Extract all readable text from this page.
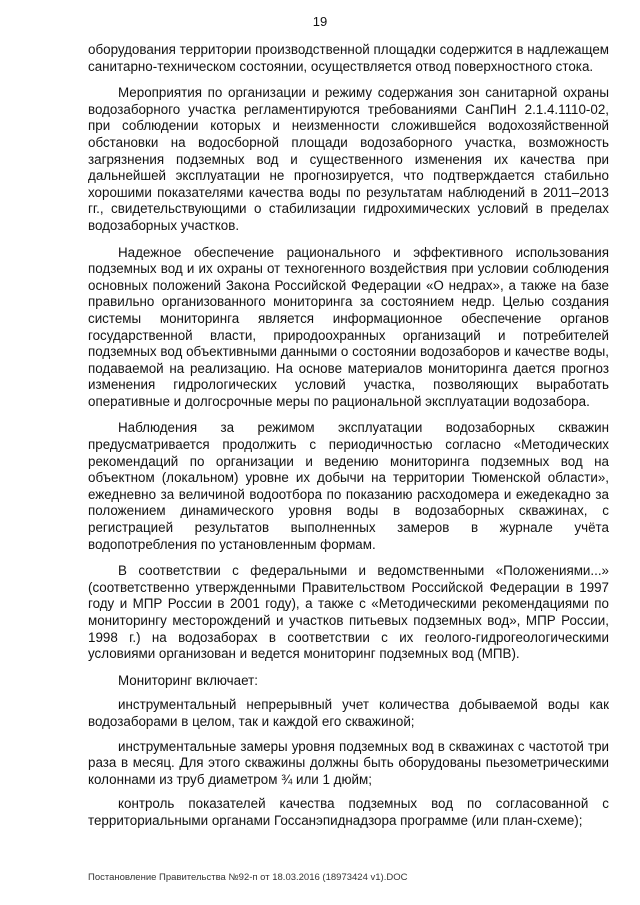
19

оборудования территории производственной площадки содержится в надлежащем санитарно-техническом состоянии, осуществляется отвод поверхностного стока.

Мероприятия по организации и режиму содержания зон санитарной охраны водозаборного участка регламентируются требованиями СанПиН 2.1.4.1110-02, при соблюдении которых и неизменности сложившейся водохозяйственной обстановки на водосборной площади водозаборного участка, возможность загрязнения подземных вод и существенного изменения их качества при дальнейшей эксплуатации не прогнозируется, что подтверждается стабильно хорошими показателями качества воды по результатам наблюдений в 2011–2013 гг., свидетельствующими о стабилизации гидрохимических условий в пределах водозаборных участков.

Надежное обеспечение рационального и эффективного использования подземных вод и их охраны от техногенного воздействия при условии соблюдения основных положений Закона Российской Федерации «О недрах», а также на базе правильно организованного мониторинга за состоянием недр. Целью создания системы мониторинга является информационное обеспечение органов государственной власти, природоохранных организаций и потребителей подземных вод объективными данными о состоянии водозаборов и качестве воды, подаваемой на реализацию. На основе материалов мониторинга дается прогноз изменения гидрологических условий участка, позволяющих выработать оперативные и долгосрочные меры по рациональной эксплуатации водозабора.

Наблюдения за режимом эксплуатации водозаборных скважин предусматривается продолжить с периодичностью согласно «Методических рекомендаций по организации и ведению мониторинга подземных вод на объектном (локальном) уровне их добычи на территории Тюменской области», ежедневно за величиной водоотбора по показанию расходомера и ежедекадно за положением динамического уровня воды в водозаборных скважинах, с регистрацией результатов выполненных замеров в журнале учёта водопотребления по установленным формам.

В соответствии с федеральными и ведомственными «Положениями...» (соответственно утвержденными Правительством Российской Федерации в 1997 году и МПР России в 2001 году), а также с «Методическими рекомендациями по мониторингу месторождений и участков питьевых подземных вод», МПР России, 1998 г.) на водозаборах в соответствии с их геолого-гидрогеологическими условиями организован и ведется мониторинг подземных вод (МПВ).

Мониторинг включает:

инструментальный непрерывный учет количества добываемой воды как водозаборами в целом, так и каждой его скважиной;

инструментальные замеры уровня подземных вод в скважинах с частотой три раза в месяц. Для этого скважины должны быть оборудованы пьезометрическими колоннами из труб диаметром ¾ или 1 дюйм;

контроль показателей качества подземных вод по согласованной с территориальными органами Госсанэпиднадзора программе (или план-схеме);

Постановление Правительства №92-п от 18.03.2016 (18973424 v1).DOC
